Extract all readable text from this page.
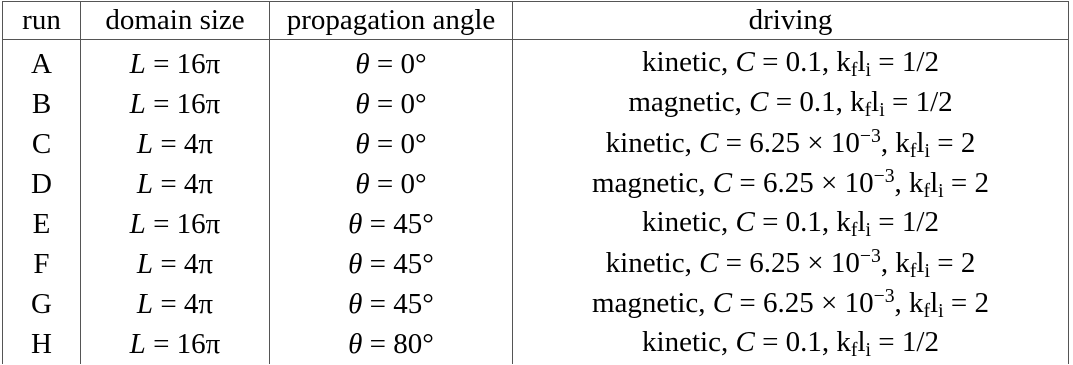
run	domain size	propagation angle	driving
A	L = 16π	θ = 0°	kinetic, C = 0.1, $k_fl_i = 1/2$
B	L = 16π	θ = 0°	magnetic, C = 0.1, $k_fl_i = 1/2$
C	L = 4π	θ = 0°	kinetic, $C = 6.25 \times 10^{-3}$, $k_fl_i = 2$
D	L = 4π	θ = 0°	magnetic, $C = 6.25 \times 10^{-3}$, $k_fl_i = 2$
E	L = 16π	θ = 45°	kinetic, C = 0.1, $k_fl_i = 1/2$
F	L = 4π	θ = 45°	kinetic, $C = 6.25 \times 10^{-3}$, $k_fl_i = 2$
G	L = 4π	θ = 45°	magnetic, $C = 6.25 \times 10^{-3}$, $k_fl_i = 2$
H	L = 16π	θ = 80°	kinetic, C = 0.1, $k_fl_i = 1/2$
